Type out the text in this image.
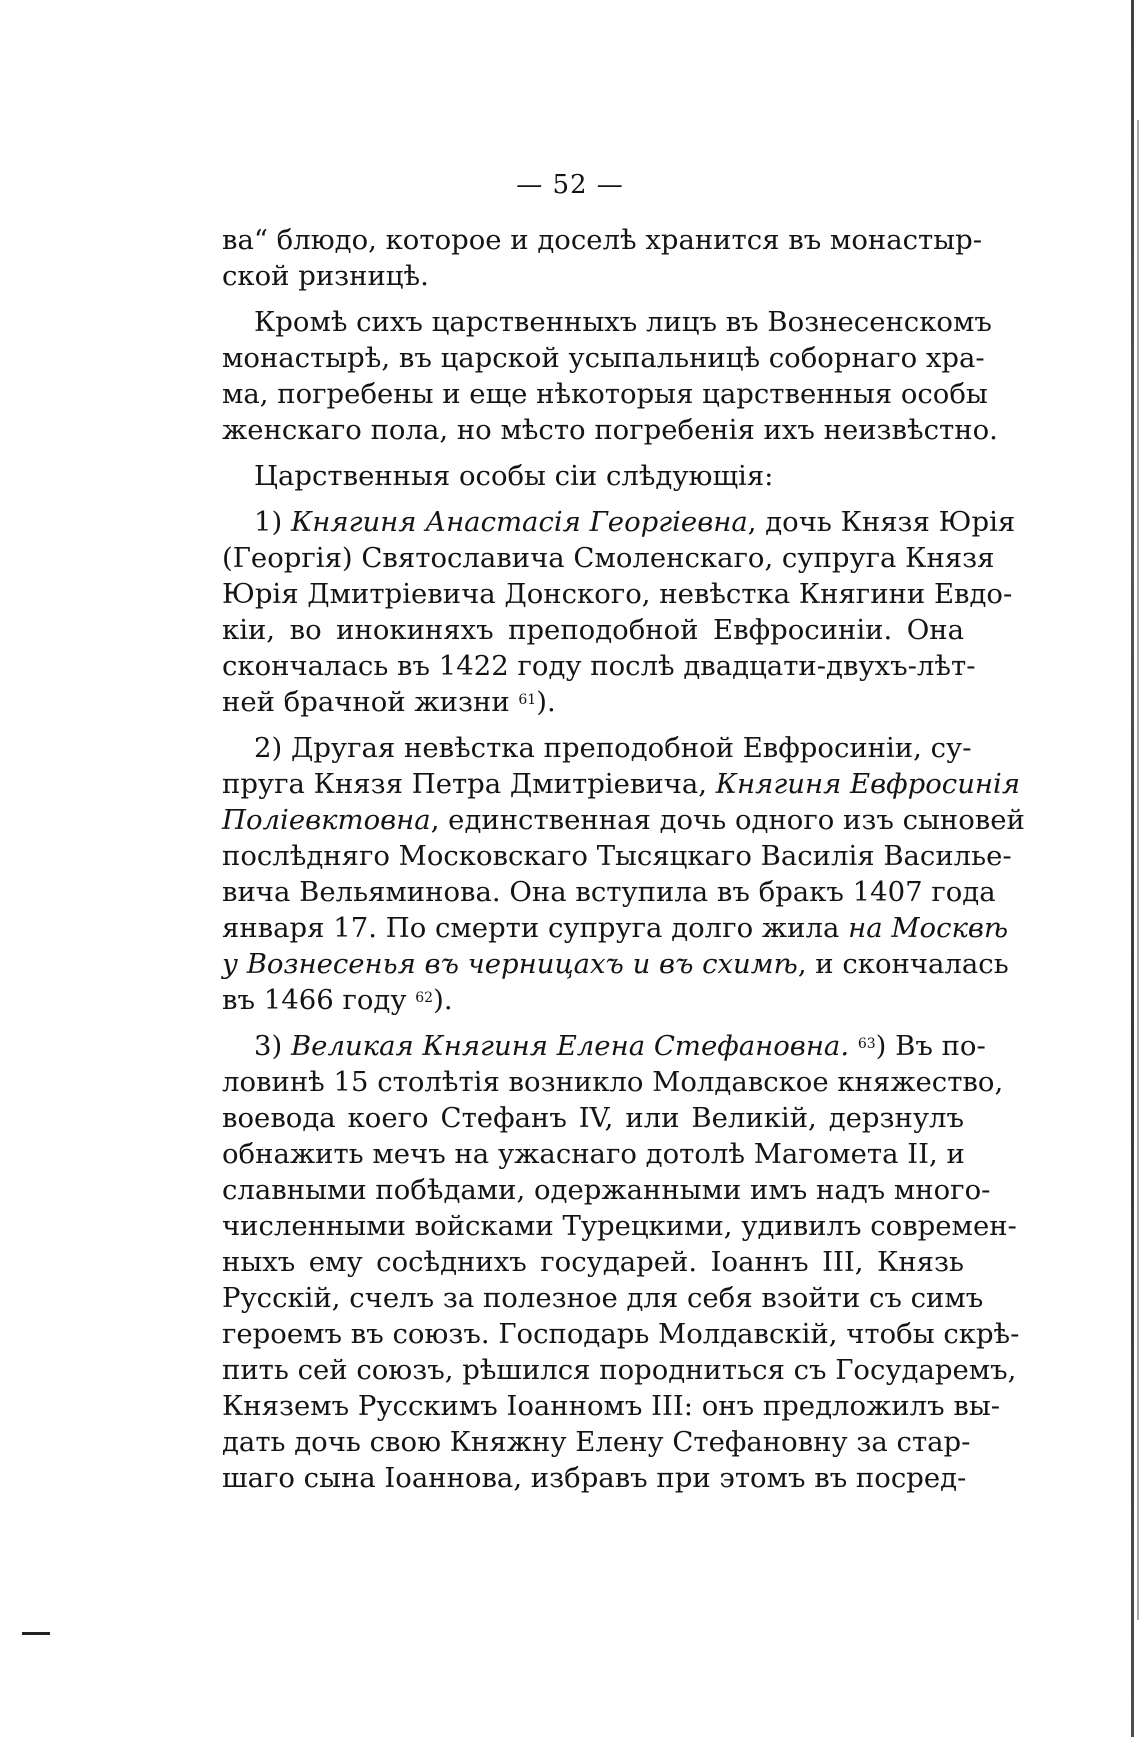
— 52 —
ва“ блюдо, которое и доселѣ хранится въ монастыр-
ской ризницѣ.
Кромѣ сихъ царственныхъ лицъ въ Вознесенскомъ
монастырѣ, въ царской усыпальницѣ соборнаго хра-
ма, погребены и еще нѣкоторыя царственныя особы
женскаго пола, но мѣсто погребенія ихъ неизвѣстно.
Царственныя особы сіи слѣдующія:
1) Княгиня Анастасія Георгіевна, дочь Князя Юрія
(Георгія) Святославича Смоленскаго, супруга Князя
Юрія Дмитріевича Донского, невѣстка Княгини Евдо-
кіи, во инокиняхъ преподобной Евфросиніи. Она
скончалась въ 1422 году послѣ двадцати-двухъ-лѣт-
ней брачной жизни $^{61}$).
2) Другая невѣстка преподобной Евфросиніи, су-
пруга Князя Петра Дмитріевича, Княгиня Евфросинія
Поліевктовна, единственная дочь одного изъ сыновей
послѣдняго Московскаго Тысяцкаго Василія Василье-
вича Вельяминова. Она вступила въ бракъ 1407 года
января 17. По смерти супруга долго жила на Москвѣ
у Вознесенья въ черницахъ и въ схимѣ, и скончалась
въ 1466 году $^{62}$).
3) Великая Княгиня Елена Стефановна. $^{63}$) Въ по-
ловинѣ 15 столѣтія возникло Молдавское княжество,
воевода коего Стефанъ IV, или Великій, дерзнулъ
обнажить мечъ на ужаснаго дотолѣ Магомета II, и
славными побѣдами, одержанными имъ надъ много-
численными войсками Турецкими, удивилъ современ-
ныхъ ему сосѣднихъ государей. Іоаннъ III, Князь
Русскій, счелъ за полезное для себя взойти съ симъ
героемъ въ союзъ. Господарь Молдавскій, чтобы скрѣ-
пить сей союзъ, рѣшился породниться съ Государемъ,
Княземъ Русскимъ Іоанномъ III: онъ предложилъ вы-
дать дочь свою Княжну Елену Стефановну за стар-
шаго сына Іоаннова, избравъ при этомъ въ посред-
